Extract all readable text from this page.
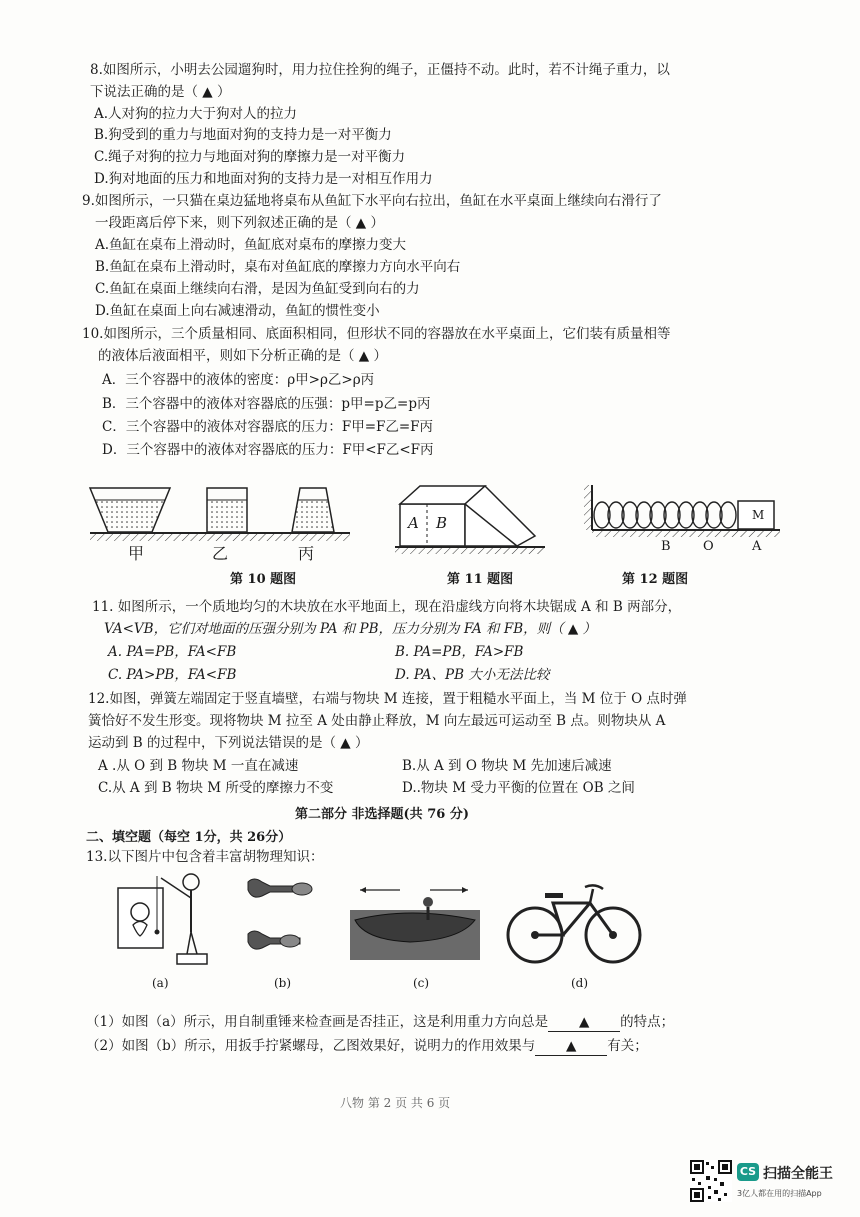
8.如图所示，小明去公园遛狗时，用力拉住拴狗的绳子，正僵持不动。此时，若不计绳子重力，以
下说法正确的是（ ▲ ）
A.人对狗的拉力大于狗对人的拉力
B.狗受到的重力与地面对狗的支持力是一对平衡力
C.绳子对狗的拉力与地面对狗的摩擦力是一对平衡力
D.狗对地面的压力和地面对狗的支持力是一对相互作用力
9.如图所示，一只猫在桌边猛地将桌布从鱼缸下水平向右拉出，鱼缸在水平桌面上继续向右滑行了
一段距离后停下来，则下列叙述正确的是（ ▲ ）
A.鱼缸在桌布上滑动时，鱼缸底对桌布的摩擦力变大
B.鱼缸在桌布上滑动时，桌布对鱼缸底的摩擦力方向水平向右
C.鱼缸在桌面上继续向右滑，是因为鱼缸受到向右的力
D.鱼缸在桌面上向右减速滑动，鱼缸的惯性变小
10.如图所示，三个质量相同、底面积相同，但形状不同的容器放在水平桌面上，它们装有质量相等
的液体后液面相平，则如下分析正确的是（ ▲ ）
A．三个容器中的液体的密度：ρ甲>ρ乙>ρ丙
B．三个容器中的液体对容器底的压强：p甲=p乙=p丙
C．三个容器中的液体对容器底的压力：F甲=F乙=F丙
D．三个容器中的液体对容器底的压力：F甲<F乙<F丙
甲	乙	丙
A B	M
B O	A
第 10 题图	第 11 题图	第 12 题图
11. 如图所示，一个质地均匀的木块放在水平地面上，现在沿虚线方向将木块锯成 A 和 B 两部分，
VA<VB，它们对地面的压强分别为 PA 和 PB，压力分别为 FA 和 FB，则（ ▲ ）
A. PA=PB，FA<FB	B. PA=PB，FA>FB
C. PA>PB，FA<FB	D. PA、PB 大小无法比较
12.如图，弹簧左端固定于竖直墙壁，右端与物块 M 连接，置于粗糙水平面上，当 M 位于 O 点时弹
簧恰好不发生形变。现将物块 M 拉至 A 处由静止释放，M 向左最远可运动至 B 点。则物块从 A
运动到 B 的过程中，下列说法错误的是（ ▲ ）
A .从 O 到 B 物块 M 一直在减速	B.从 A 到 O 物块 M 先加速后减速
C.从 A 到 B 物块 M 所受的摩擦力不变	D..物块 M 受力平衡的位置在 OB 之间
第二部分 非选择题(共 76 分)
二、填空题（每空 1分，共 26分）
13.以下图片中包含着丰富胡物理知识：
(a)	(b)	(c)	(d)
（1）如图（a）所示，用自制重锤来检查画是否挂正，这是利用重力方向总是 ▲ 的特点；
（2）如图（b）所示，用扳手拧紧螺母，乙图效果好，说明力的作用效果与 ▲ 有关；
八物 第 2 页 共 6 页
CS 扫描全能王
3亿人都在用的扫描App
